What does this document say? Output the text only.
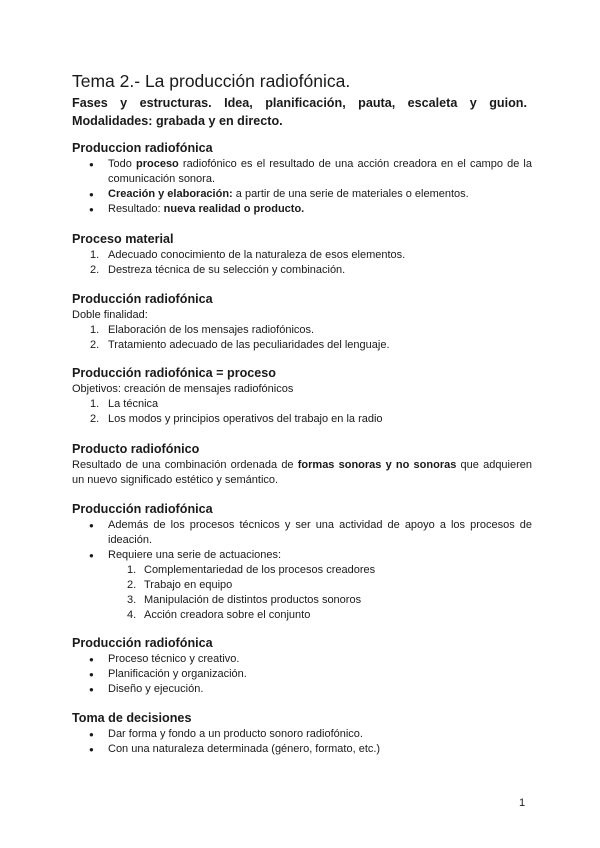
Tema 2.- La producción radiofónica.

Fases y estructuras. Idea, planificación, pauta, escaleta y guion.

Modalidades: grabada y en directo.

Produccion radiofónica
● Todo proceso radiofónico es el resultado de una acción creadora en el campo de la comunicación sonora.
● Creación y elaboración: a partir de una serie de materiales o elementos.
● Resultado: nueva realidad o producto.
Proceso material
1. Adecuado conocimiento de la naturaleza de esos elementos.
2. Destreza técnica de su selección y combinación.
Producción radiofónica

Doble finalidad:

1. Elaboración de los mensajes radiofónicos.
2. Tratamiento adecuado de las peculiaridades del lenguaje.
Producción radiofónica = proceso

Objetivos: creación de mensajes radiofónicos

1. La técnica
2. Los modos y principios operativos del trabajo en la radio
Producto radiofónico

Resultado de una combinación ordenada de formas sonoras y no sonoras que adquieren un nuevo significado estético y semántico.

Producción radiofónica
● Además de los procesos técnicos y ser una actividad de apoyo a los procesos de ideación.
● Requiere una serie de actuaciones:
1. Complementariedad de los procesos creadores
2. Trabajo en equipo
3. Manipulación de distintos productos sonoros
4. Acción creadora sobre el conjunto
Producción radiofónica
● Proceso técnico y creativo.
● Planificación y organización.
● Diseño y ejecución.
Toma de decisiones
● Dar forma y fondo a un producto sonoro radiofónico.
● Con una naturaleza determinada (género, formato, etc.)
1
